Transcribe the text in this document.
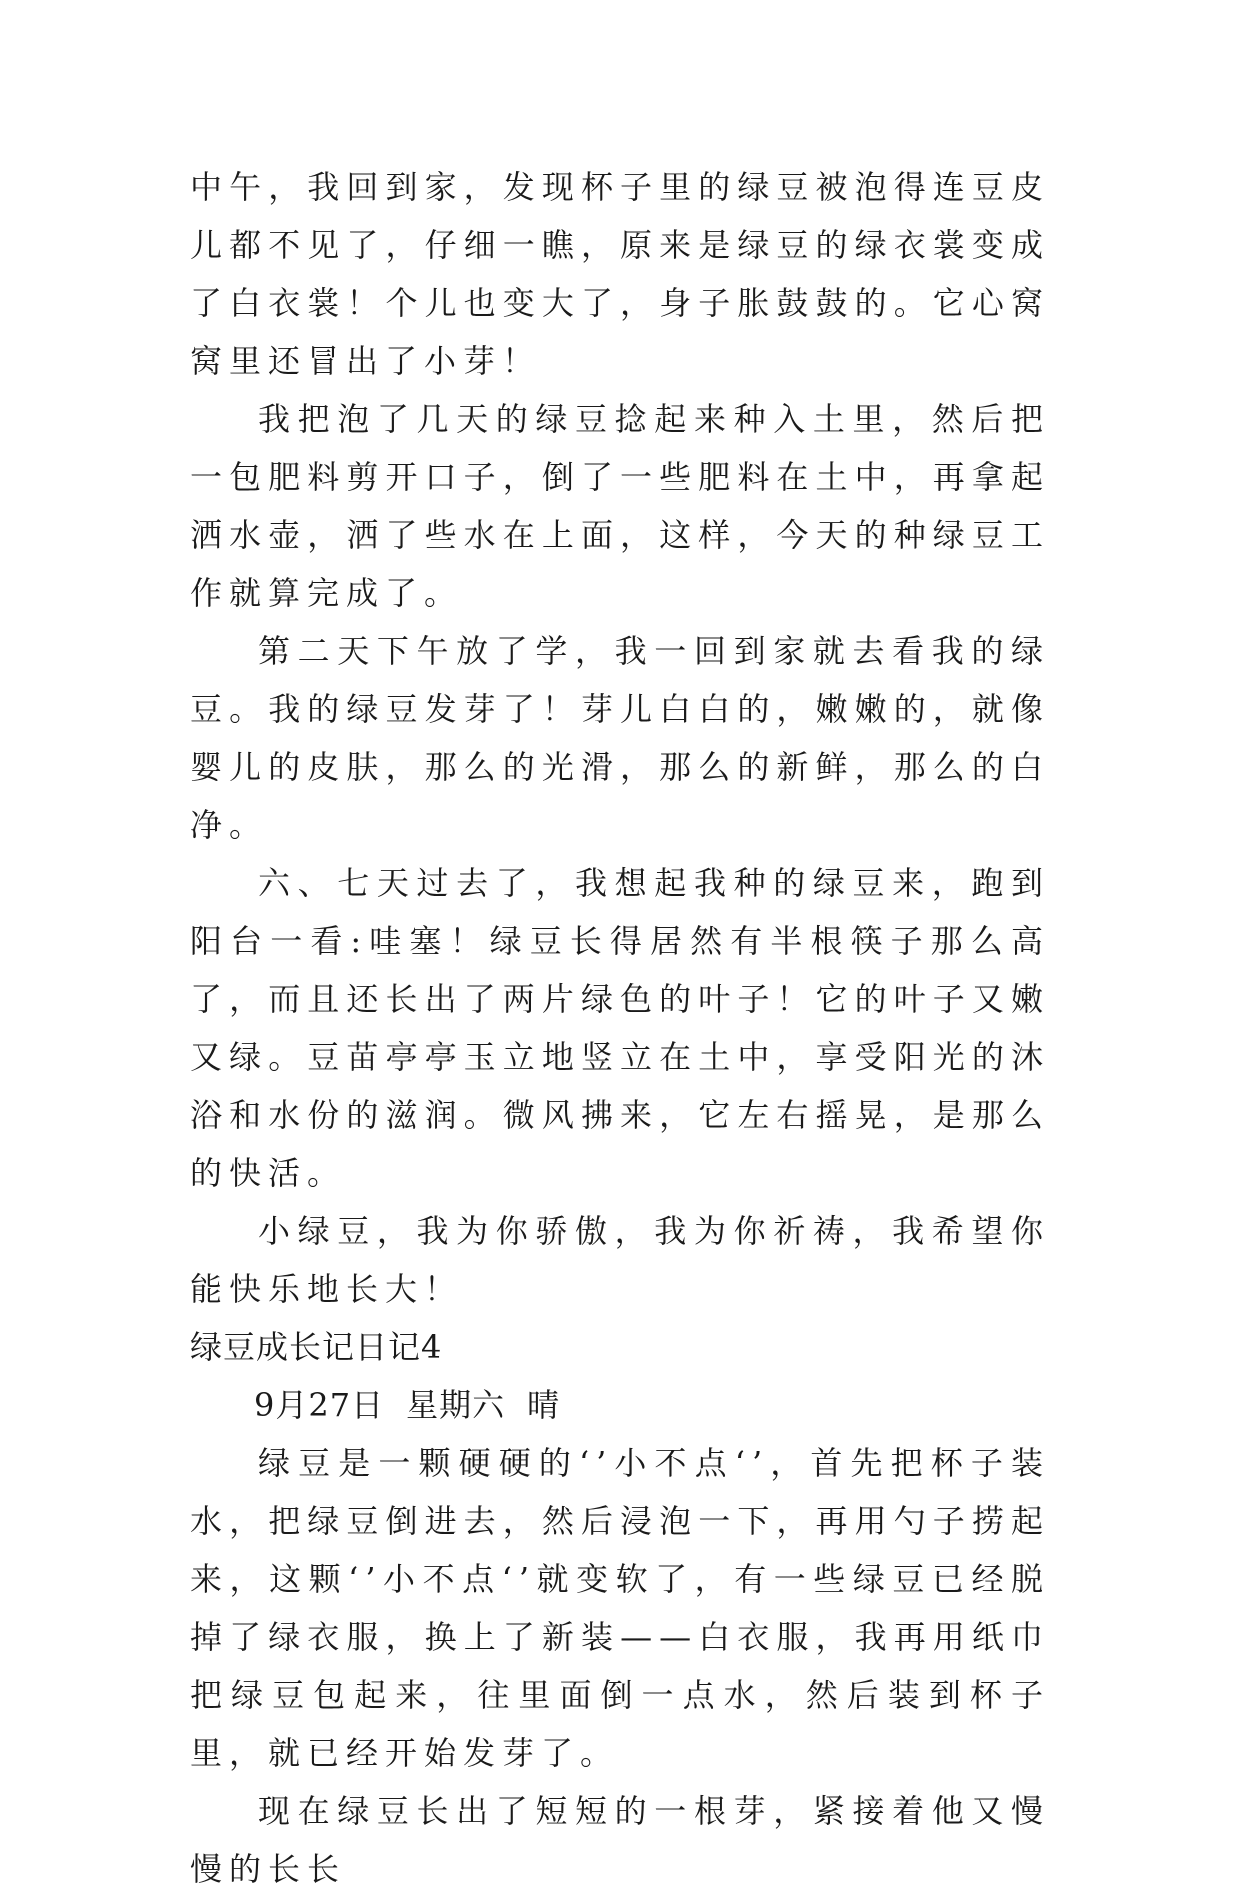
中午，我回到家，发现杯子里的绿豆被泡得连豆皮儿都不见了，仔细一瞧，原来是绿豆的绿衣裳变成了白衣裳！个儿也变大了，身子胀鼓鼓的。它心窝窝里还冒出了小芽！

我把泡了几天的绿豆捻起来种入土里，然后把一包肥料剪开口子，倒了一些肥料在土中，再拿起洒水壶，洒了些水在上面，这样，今天的种绿豆工作就算完成了。

第二天下午放了学，我一回到家就去看我的绿豆。我的绿豆发芽了！芽儿白白的，嫩嫩的，就像婴儿的皮肤，那么的光滑，那么的新鲜，那么的白净。

六、七天过去了，我想起我种的绿豆来，跑到阳台一看:哇塞！绿豆长得居然有半根筷子那么高了，而且还长出了两片绿色的叶子！它的叶子又嫩又绿。豆苗亭亭玉立地竖立在土中，享受阳光的沐浴和水份的滋润。微风拂来，它左右摇晃，是那么的快活。

小绿豆，我为你骄傲，我为你祈祷，我希望你能快乐地长大！

绿豆成长记日记4

9月27日 星期六 晴

绿豆是一颗硬硬的‘’小不点‘’，首先把杯子装水，把绿豆倒进去，然后浸泡一下，再用勺子捞起来，这颗‘’小不点‘’就变软了，有一些绿豆已经脱掉了绿衣服，换上了新装——白衣服，我再用纸巾把绿豆包起来，往里面倒一点水，然后装到杯子里，就已经开始发芽了。

现在绿豆长出了短短的一根芽，紧接着他又慢慢的长长
